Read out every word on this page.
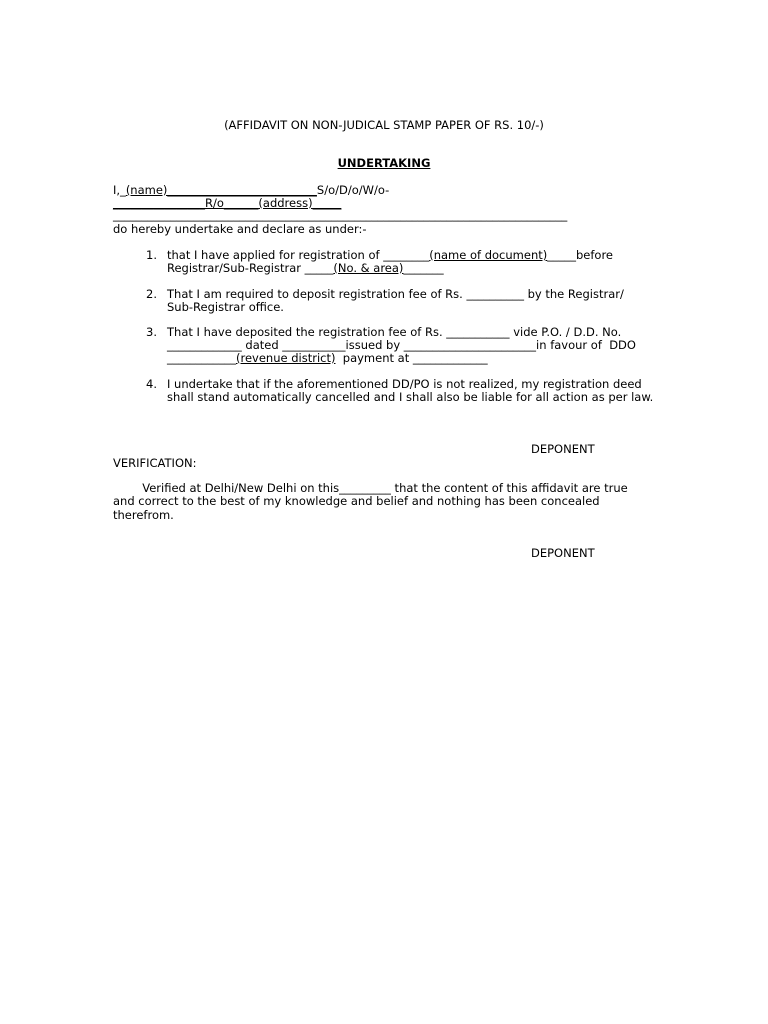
(AFFIDAVIT ON NON-JUDICAL STAMP PAPER OF RS. 10/-)
UNDERTAKING
I,_(name)__________________________S/o/D/o/W/o-
________________R/o______(address)_____
_______________________________________________________________________________
do hereby undertake and declare as under:-
1. that I have applied for registration of ________(name of document)_____before
Registrar/Sub-Registrar _____(No. & area)_______
2. That I am required to deposit registration fee of Rs. __________ by the Registrar/
Sub-Registrar office.
3. That I have deposited the registration fee of Rs. ___________ vide P.O. / D.D. No.
_____________ dated ___________issued by _______________________in favour of  DDO
____________(revenue district)  payment at _____________
4. I undertake that if the aforementioned DD/PO is not realized, my registration deed
shall stand automatically cancelled and I shall also be liable for all action as per law.
DEPONENT
VERIFICATION:
Verified at Delhi/New Delhi on this_________ that the content of this affidavit are true
and correct to the best of my knowledge and belief and nothing has been concealed
therefrom.
DEPONENT
